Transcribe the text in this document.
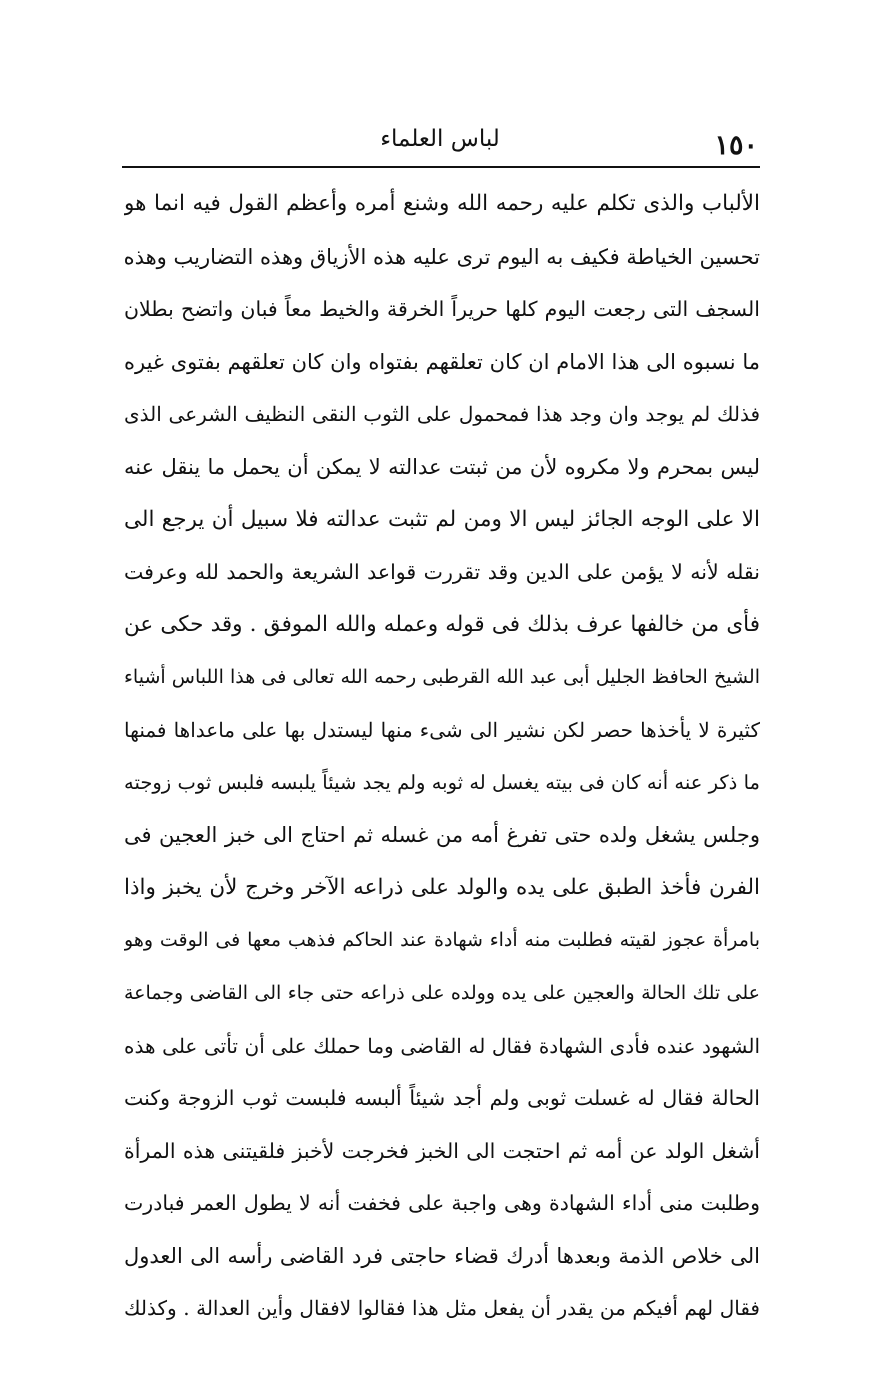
١٥٠
لباس العلماء
الألباب والذى تكلم عليه رحمه الله وشنع أمره وأعظم القول فيه انما هو
تحسين الخياطة فكيف به اليوم ترى عليه هذه الأزياق وهذه التضاريب وهذه
السجف التى رجعت اليوم كلها حريراً الخرقة والخيط معاً فبان واتضح بطلان
ما نسبوه الى هذا الامام ان كان تعلقهم بفتواه وان كان تعلقهم بفتوى غيره
فذلك لم يوجد وان وجد هذا فمحمول على الثوب النقى النظيف الشرعى الذى
ليس بمحرم ولا مكروه لأن من ثبتت عدالته لا يمكن أن يحمل ما ينقل عنه
الا على الوجه الجائز ليس الا ومن لم تثبت عدالته فلا سبيل أن يرجع الى
نقله لأنه لا يؤمن على الدين وقد تقررت قواعد الشريعة والحمد لله وعرفت
فأى من خالفها عرف بذلك فى قوله وعمله والله الموفق . وقد حكى عن
الشيخ الحافظ الجليل أبى عبد الله القرطبى رحمه الله تعالى فى هذا اللباس أشياء
كثيرة لا يأخذها حصر لكن نشير الى شىء منها ليستدل بها على ماعداها فمنها
ما ذكر عنه أنه كان فى بيته يغسل له ثوبه ولم يجد شيئاً يلبسه فلبس ثوب زوجته
وجلس يشغل ولده حتى تفرغ أمه من غسله ثم احتاج الى خبز العجين فى
الفرن فأخذ الطبق على يده والولد على ذراعه الآخر وخرج لأن يخبز واذا
بامرأة عجوز لقيته فطلبت منه أداء شهادة عند الحاكم فذهب معها فى الوقت وهو
على تلك الحالة والعجين على يده وولده على ذراعه حتى جاء الى القاضى وجماعة
الشهود عنده فأدى الشهادة فقال له القاضى وما حملك على أن تأتى على هذه
الحالة فقال له غسلت ثوبى ولم أجد شيئاً ألبسه فلبست ثوب الزوجة وكنت
أشغل الولد عن أمه ثم احتجت الى الخبز فخرجت لأخبز فلقيتنى هذه المرأة
وطلبت منى أداء الشهادة وهى واجبة على فخفت أنه لا يطول العمر فبادرت
الى خلاص الذمة وبعدها أدرك قضاء حاجتى فرد القاضى رأسه الى العدول
فقال لهم أفيكم من يقدر أن يفعل مثل هذا فقالوا لافقال وأين العدالة . وكذلك
